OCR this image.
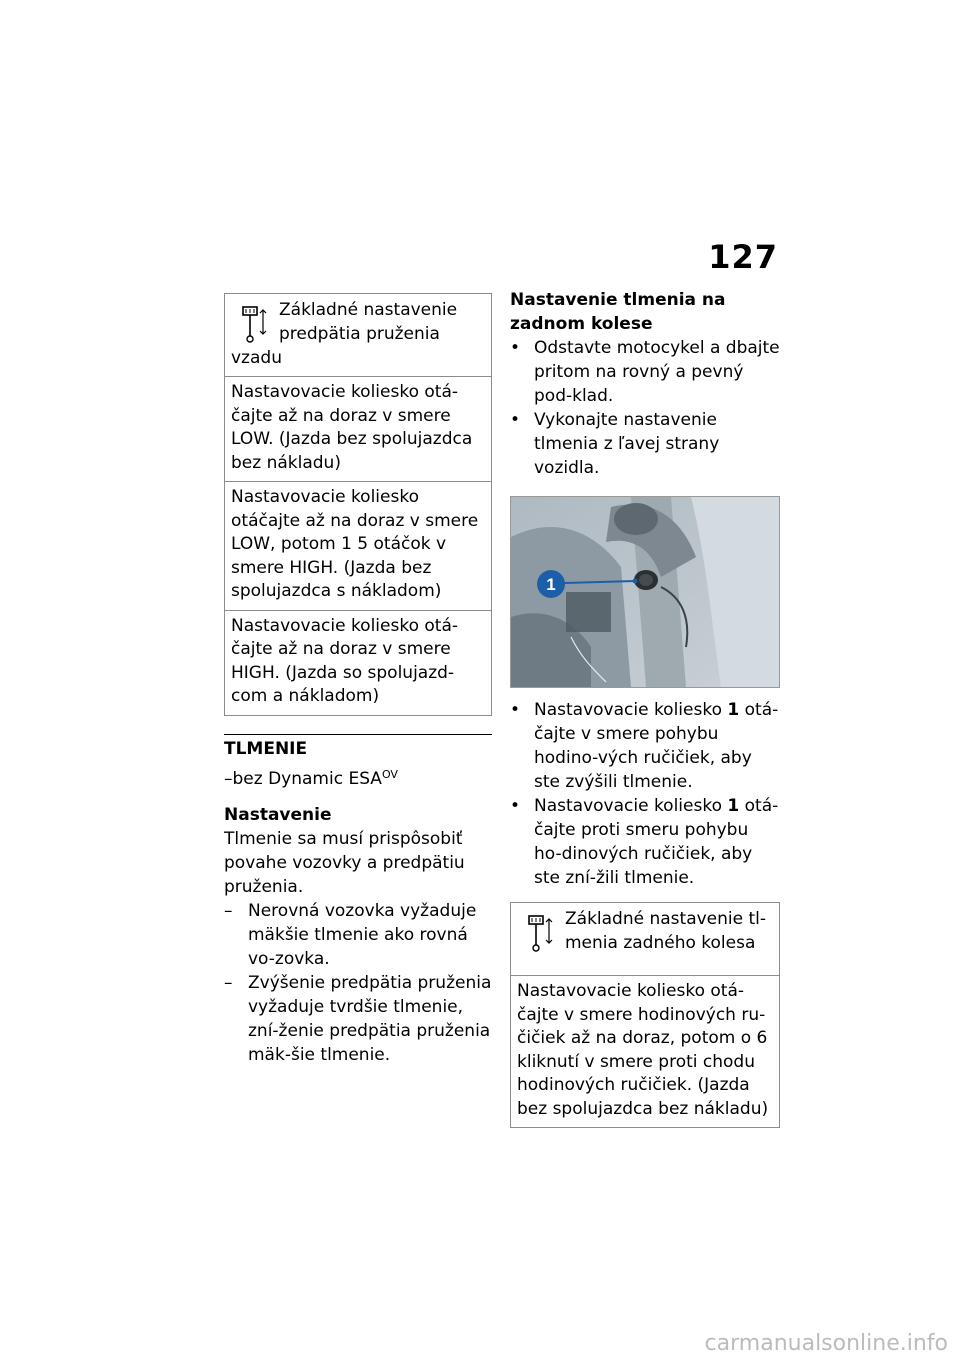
127
Základné nastavenie predpätia pruženia vzadu
Nastavovacie koliesko otá-čajte až na doraz v smere LOW. (Jazda bez spolujazdca bez nákladu)
Nastavovacie koliesko otáčajte až na doraz v smere LOW, potom 1 5 otáčok v smere HIGH. (Jazda bez spolujazdca s nákladom)
Nastavovacie koliesko otá-čajte až na doraz v smere HIGH. (Jazda so spolujazd-com a nákladom)
TLMENIE
–bez Dynamic $ESA^{OV}$
Nastavenie
Tlmenie sa musí prispôsobiť povahe vozovky a predpätiu pruženia.
– Nerovná vozovka vyžaduje mäkšie tlmenie ako rovná vo-zovka.
– Zvýšenie predpätia pruženia vyžaduje tvrdšie tlmenie, zní-ženie predpätia pruženia mäk-šie tlmenie.
Nastavenie tlmenia na zadnom kolese
• Odstavte motocykel a dbajte pritom na rovný a pevný pod-klad.
• Vykonajte nastavenie tlmenia z ľavej strany vozidla.
1
• Nastavovacie koliesko 1 otá-čajte v smere pohybu hodino-vých ručičiek, aby ste zvýšili tlmenie.
• Nastavovacie koliesko 1 otá-čajte proti smeru pohybu ho-dinových ručičiek, aby ste zní-žili tlmenie.
Základné nastavenie tl-menia zadného kolesa
Nastavovacie koliesko otá-čajte v smere hodinových ru-čičiek až na doraz, potom o 6 kliknutí v smere proti chodu hodinových ručičiek. (Jazda bez spolujazdca bez nákladu)
carmanualsonline.info
